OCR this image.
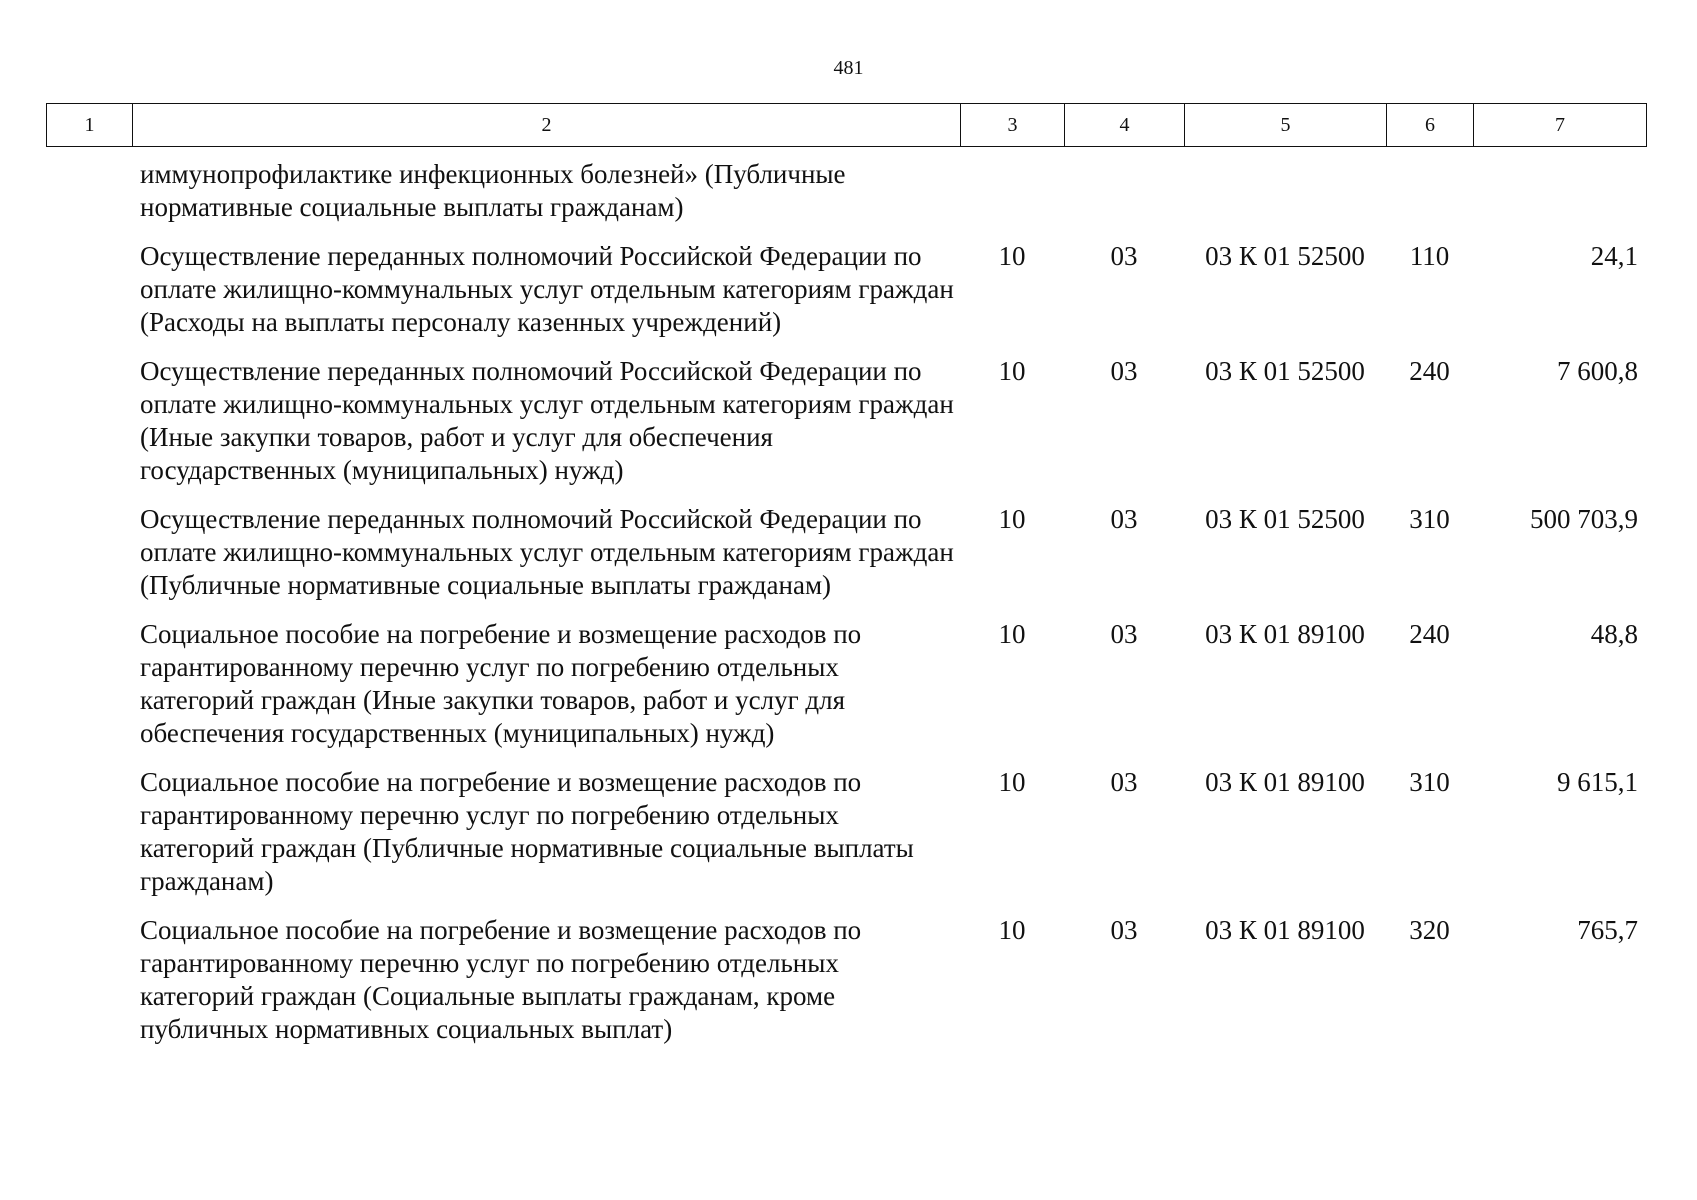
481
1	2	3	4	5	6	7
иммунопрофилактике инфекционных болезней» (Публичные нормативные социальные выплаты гражданам)					
Осуществление переданных полномочий Российской Федерации по оплате жилищно-коммунальных услуг отдельным категориям граждан (Расходы на выплаты персоналу казенных учреждений)	10	03	03 К 01 52500	110	24,1
Осуществление переданных полномочий Российской Федерации по оплате жилищно-коммунальных услуг отдельным категориям граждан (Иные закупки товаров, работ и услуг для обеспечения государственных (муниципальных) нужд)	10	03	03 К 01 52500	240	7 600,8
Осуществление переданных полномочий Российской Федерации по оплате жилищно-коммунальных услуг отдельным категориям граждан (Публичные нормативные социальные выплаты гражданам)	10	03	03 К 01 52500	310	500 703,9
Социальное пособие на погребение и возмещение расходов по гарантированному перечню услуг по погребению отдельных категорий граждан (Иные закупки товаров, работ и услуг для обеспечения государственных (муниципальных) нужд)	10	03	03 К 01 89100	240	48,8
Социальное пособие на погребение и возмещение расходов по гарантированному перечню услуг по погребению отдельных категорий граждан (Публичные нормативные социальные выплаты гражданам)	10	03	03 К 01 89100	310	9 615,1
Социальное пособие на погребение и возмещение расходов по гарантированному перечню услуг по погребению отдельных категорий граждан (Социальные выплаты гражданам, кроме публичных нормативных социальных выплат)	10	03	03 К 01 89100	320	765,7
